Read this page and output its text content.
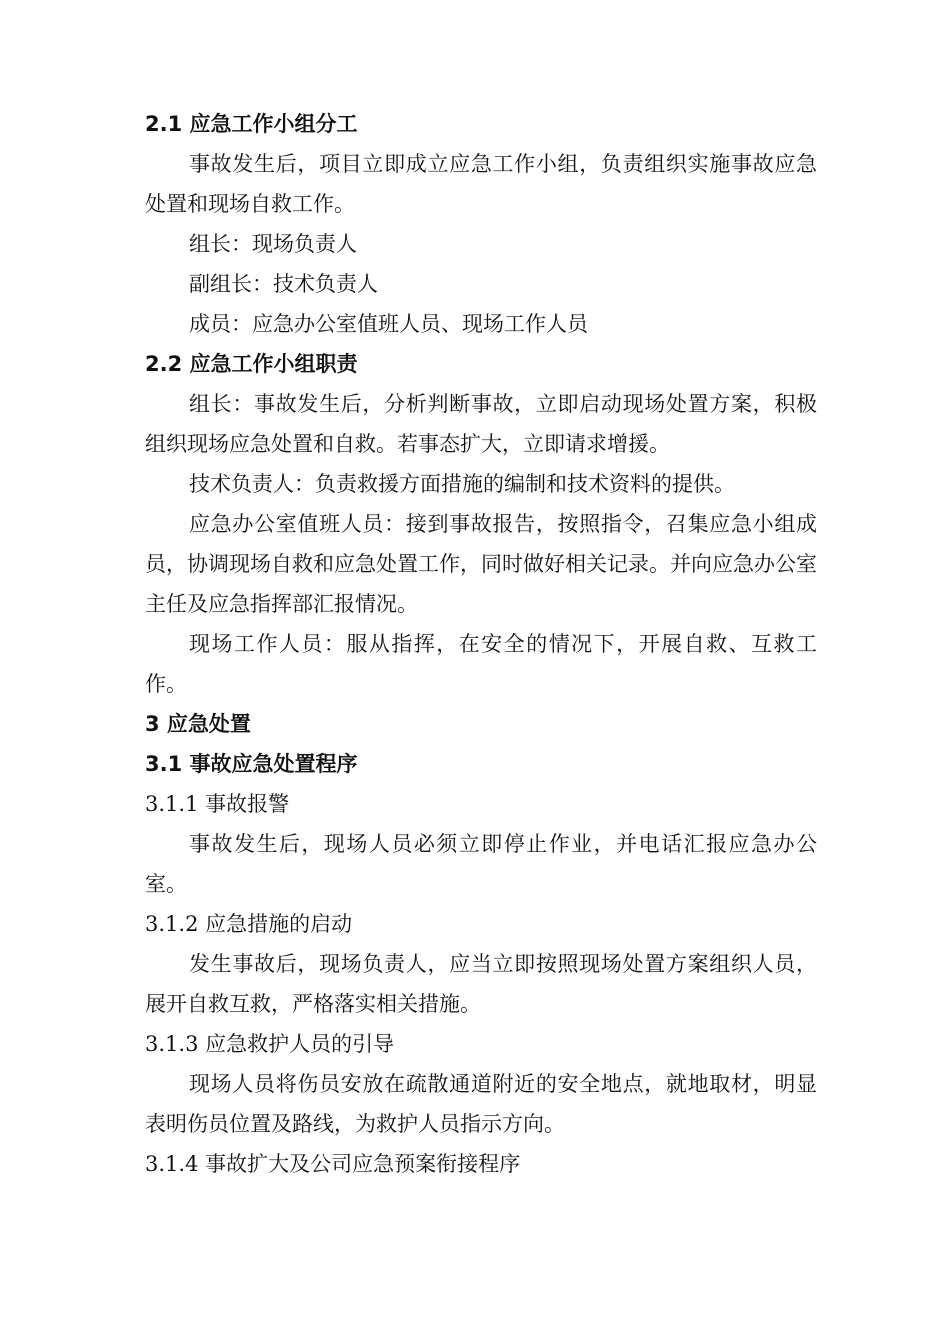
2.1 应急工作小组分工

事故发生后，项目立即成立应急工作小组，负责组织实施事故应急处置和现场自救工作。

组长：现场负责人

副组长：技术负责人

成员：应急办公室值班人员、现场工作人员

2.2 应急工作小组职责

组长：事故发生后，分析判断事故，立即启动现场处置方案，积极组织现场应急处置和自救。若事态扩大，立即请求增援。

技术负责人：负责救援方面措施的编制和技术资料的提供。

应急办公室值班人员：接到事故报告，按照指令，召集应急小组成员，协调现场自救和应急处置工作，同时做好相关记录。并向应急办公室主任及应急指挥部汇报情况。

现场工作人员：服从指挥，在安全的情况下，开展自救、互救工作。

3 应急处置
3.1 事故应急处置程序
3.1.1 事故报警

事故发生后，现场人员必须立即停止作业，并电话汇报应急办公室。

3.1.2 应急措施的启动

发生事故后，现场负责人，应当立即按照现场处置方案组织人员，展开自救互救，严格落实相关措施。

3.1.3 应急救护人员的引导

现场人员将伤员安放在疏散通道附近的安全地点，就地取材，明显表明伤员位置及路线，为救护人员指示方向。

3.1.4 事故扩大及公司应急预案衔接程序
